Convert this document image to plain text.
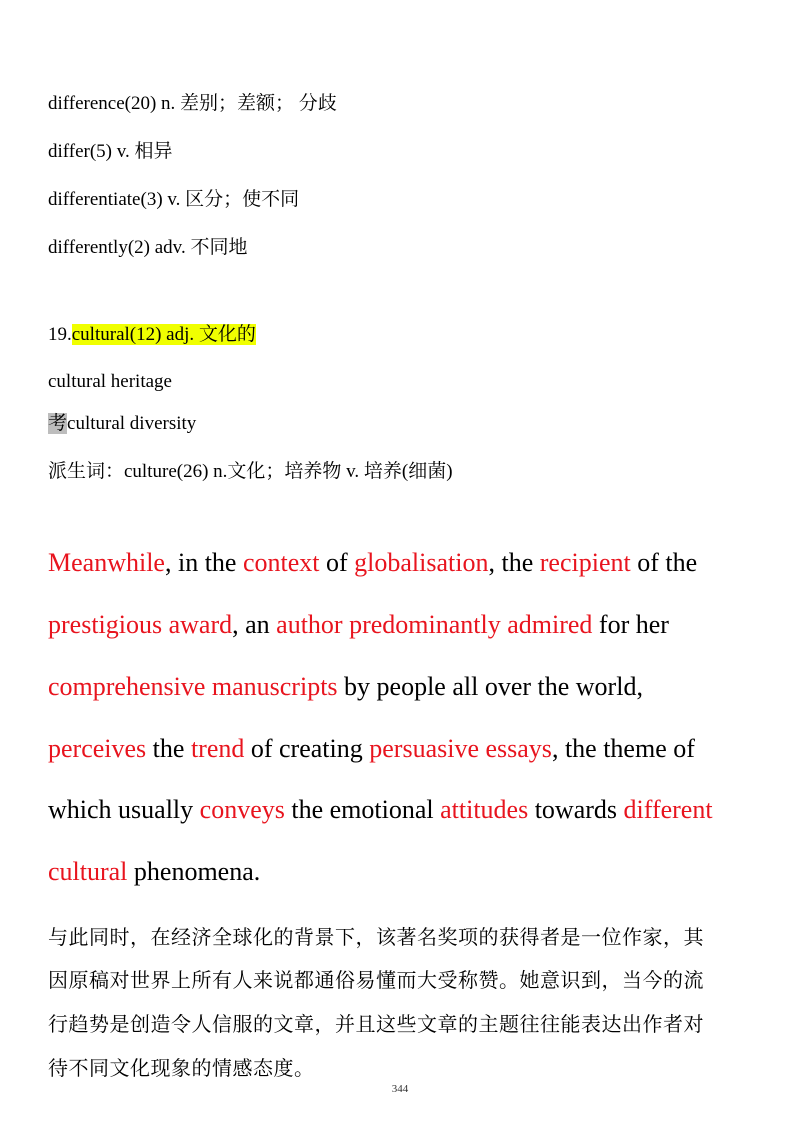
difference(20) n. 差别；差额； 分歧
differ(5) v. 相异
differentiate(3) v. 区分；使不同
differently(2) adv. 不同地
19.cultural(12) adj. 文化的
cultural heritage
考cultural diversity
派生词：culture(26) n.文化；培养物 v. 培养(细菌)
Meanwhile, in the context of globalisation, the recipient of the
prestigious award, an author predominantly admired for her
comprehensive manuscripts by people all over the world,
perceives the trend of creating persuasive essays, the theme of
which usually conveys the emotional attitudes towards different
cultural phenomena.
与此同时，在经济全球化的背景下，该著名奖项的获得者是一位作家，其
因原稿对世界上所有人来说都通俗易懂而大受称赞。她意识到，当今的流
行趋势是创造令人信服的文章，并且这些文章的主题往往能表达出作者对
待不同文化现象的情感态度。
344
